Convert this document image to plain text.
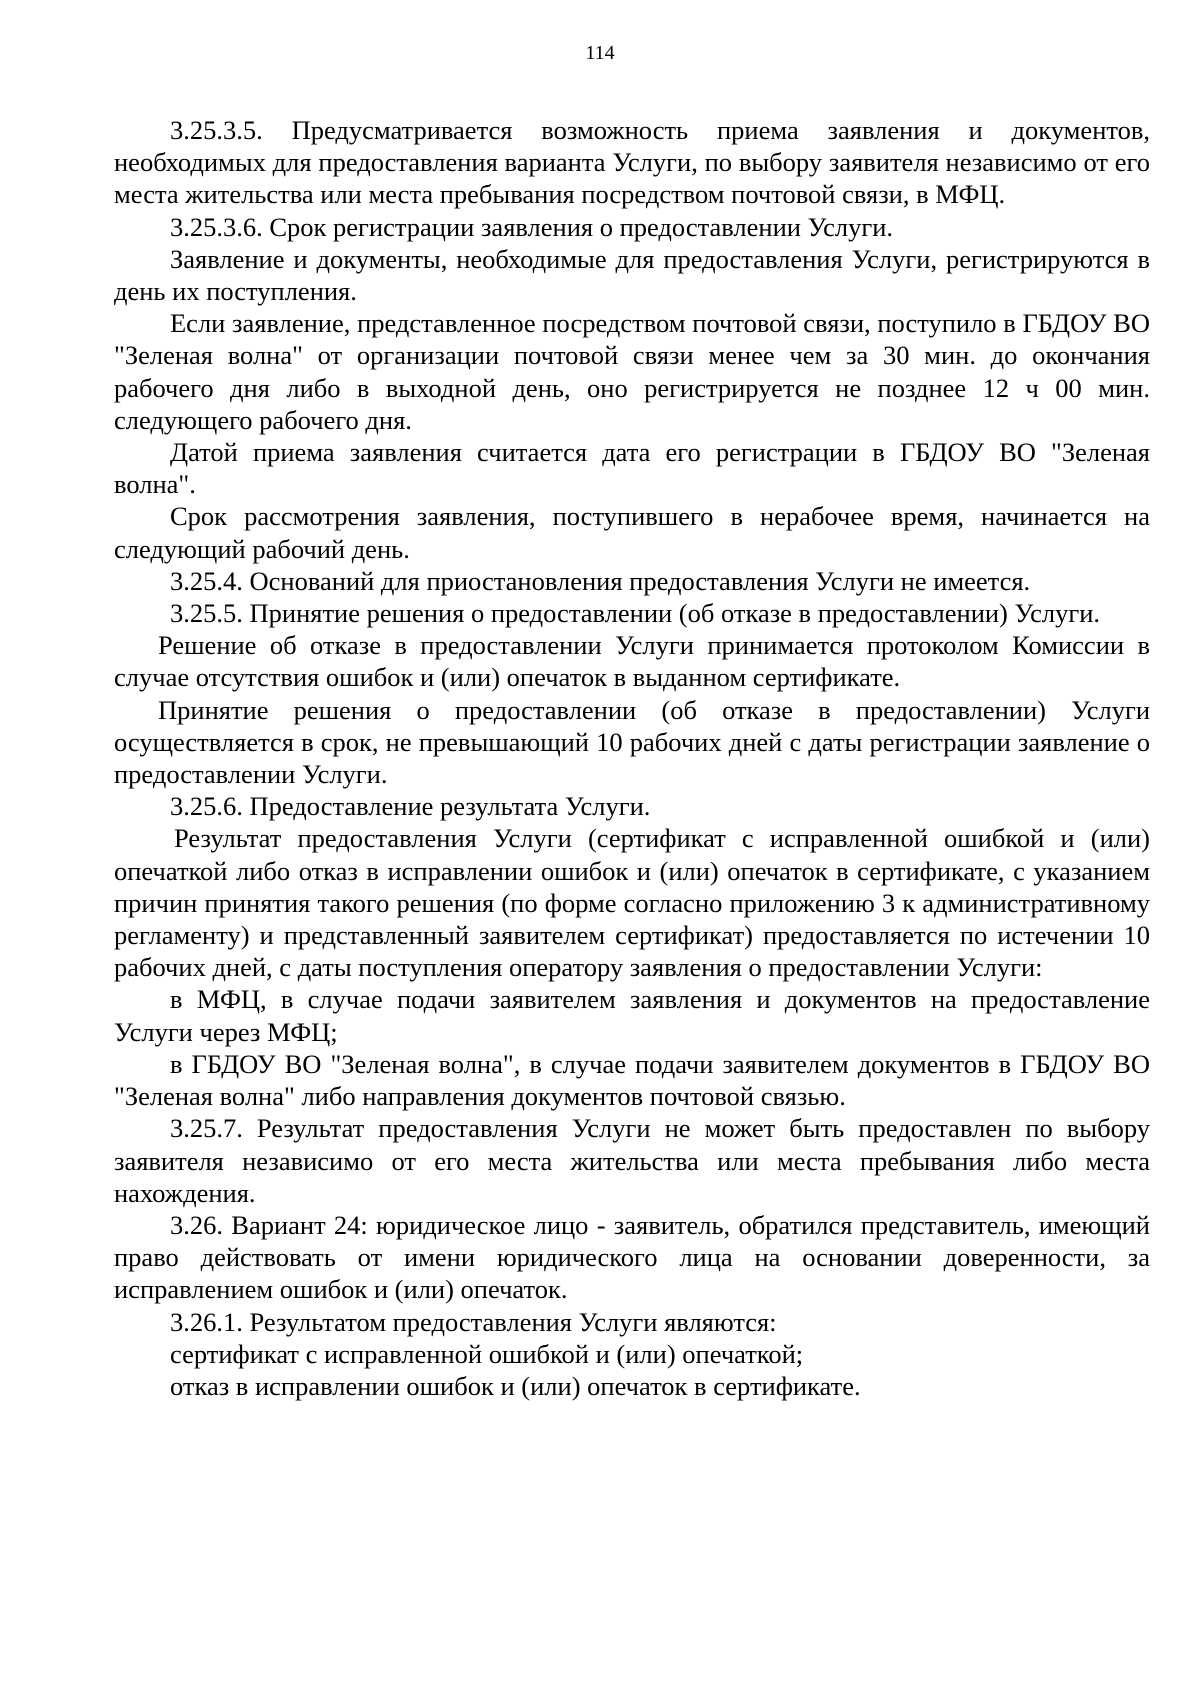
114

3.25.3.5. Предусматривается возможность приема заявления и документов, необходимых для предоставления варианта Услуги, по выбору заявителя независимо от его места жительства или места пребывания посредством почтовой связи, в МФЦ.

3.25.3.6. Срок регистрации заявления о предоставлении Услуги.

Заявление и документы, необходимые для предоставления Услуги, регистрируются в день их поступления.

Если заявление, представленное посредством почтовой связи, поступило в ГБДОУ ВО "Зеленая волна" от организации почтовой связи менее чем за 30 мин. до окончания рабочего дня либо в выходной день, оно регистрируется не позднее 12 ч 00 мин. следующего рабочего дня.

Датой приема заявления считается дата его регистрации в ГБДОУ ВО "Зеленая волна".

Срок рассмотрения заявления, поступившего в нерабочее время, начинается на следующий рабочий день.

3.25.4. Оснований для приостановления предоставления Услуги не имеется.

3.25.5. Принятие решения о предоставлении (об отказе в предоставлении) Услуги.

Решение об отказе в предоставлении Услуги принимается протоколом Комиссии в случае отсутствия ошибок и (или) опечаток в выданном сертификате.

Принятие решения о предоставлении (об отказе в предоставлении) Услуги осуществляется в срок, не превышающий 10 рабочих дней с даты регистрации заявление о предоставлении Услуги.

3.25.6. Предоставление результата Услуги.

Результат предоставления Услуги (сертификат с исправленной ошибкой и (или) опечаткой либо отказ в исправлении ошибок и (или) опечаток в сертификате, с указанием причин принятия такого решения (по форме согласно приложению 3 к административному регламенту) и представленный заявителем сертификат) предоставляется по истечении 10 рабочих дней, с даты поступления оператору заявления о предоставлении Услуги:

в МФЦ, в случае подачи заявителем заявления и документов на предоставление Услуги через МФЦ;

в ГБДОУ ВО "Зеленая волна", в случае подачи заявителем документов в ГБДОУ ВО "Зеленая волна" либо направления документов почтовой связью.

3.25.7. Результат предоставления Услуги не может быть предоставлен по выбору заявителя независимо от его места жительства или места пребывания либо места нахождения.

3.26. Вариант 24: юридическое лицо - заявитель, обратился представитель, имеющий право действовать от имени юридического лица на основании доверенности, за исправлением ошибок и (или) опечаток.

3.26.1. Результатом предоставления Услуги являются:

сертификат с исправленной ошибкой и (или) опечаткой;

отказ в исправлении ошибок и (или) опечаток в сертификате.
